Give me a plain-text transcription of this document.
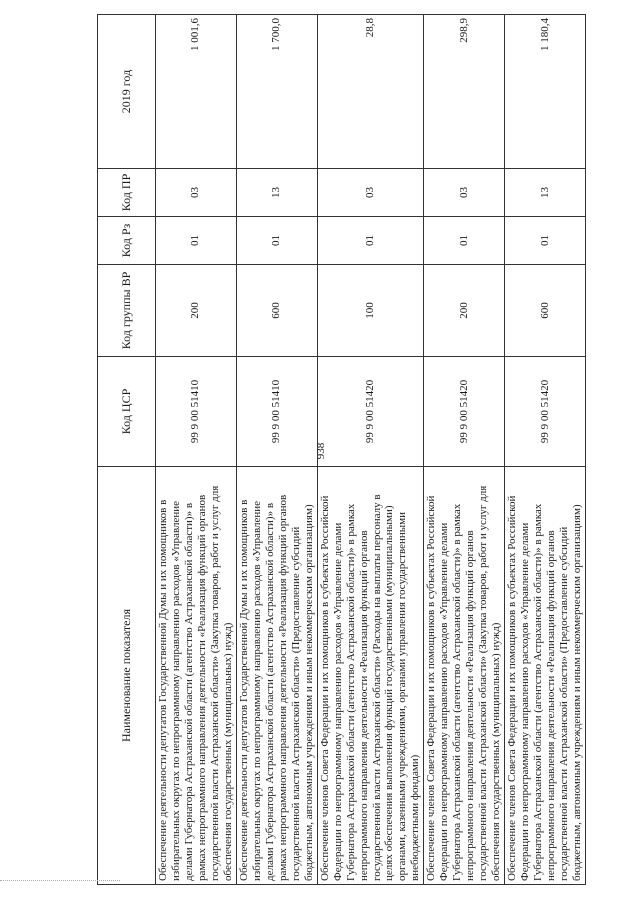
938
Наименование показателя	Код ЦСР	Код группы ВР	Код Рз	Код ПР	2019 год
Обеспечение деятельности депутатов Государственной Думы и их помощников в избирательных округах по непрограммному направлению расходов «Управление делами Губернатора Астраханской области (агентство Астраханской области)» в рамках непрограммного направления деятельности «Реализация функций органов государственной власти Астраханской области» (Закупка товаров, работ и услуг для обеспечения государственных (муниципальных) нужд)	99 9 00 51410	200	01	03	1 001,6
Обеспечение деятельности депутатов Государственной Думы и их помощников в избирательных округах по непрограммному направлению расходов «Управление делами Губернатора Астраханской области (агентство Астраханской области)» в рамках непрограммного направления деятельности «Реализация функций органов государственной власти Астраханской области» (Предоставление субсидий бюджетным, автономным учреждениям и иным некоммерческим организациям)	99 9 00 51410	600	01	13	1 700,0
Обеспечение членов Совета Федерации и их помощников в субъектах Российской Федерации по непрограммному направлению расходов «Управление делами Губернатора Астраханской области (агентство Астраханской области)» в рамках непрограммного направления деятельности «Реализация функций органов государственной власти Астраханской области» (Расходы на выплаты персоналу в целях обеспечения выполнения функций государственными (муниципальными) органами, казенными учреждениями, органами управления государственными внебюджетными фондами)	99 9 00 51420	100	01	03	28,8
Обеспечение членов Совета Федерации и их помощников в субъектах Российской Федерации по непрограммному направлению расходов «Управление делами Губернатора Астраханской области (агентство Астраханской области)» в рамках непрограммного направления деятельности «Реализация функций органов государственной власти Астраханской области» (Закупка товаров, работ и услуг для обеспечения государственных (муниципальных) нужд)	99 9 00 51420	200	01	03	298,9
Обеспечение членов Совета Федерации и их помощников в субъектах Российской Федерации по непрограммному направлению расходов «Управление делами Губернатора Астраханской области (агентство Астраханской области)» в рамках непрограммного направления деятельности «Реализация функций органов государственной власти Астраханской области» (Предоставление субсидий бюджетным, автономным учреждениям и иным некоммерческим организациям)	99 9 00 51420	600	01	13	1 180,4
